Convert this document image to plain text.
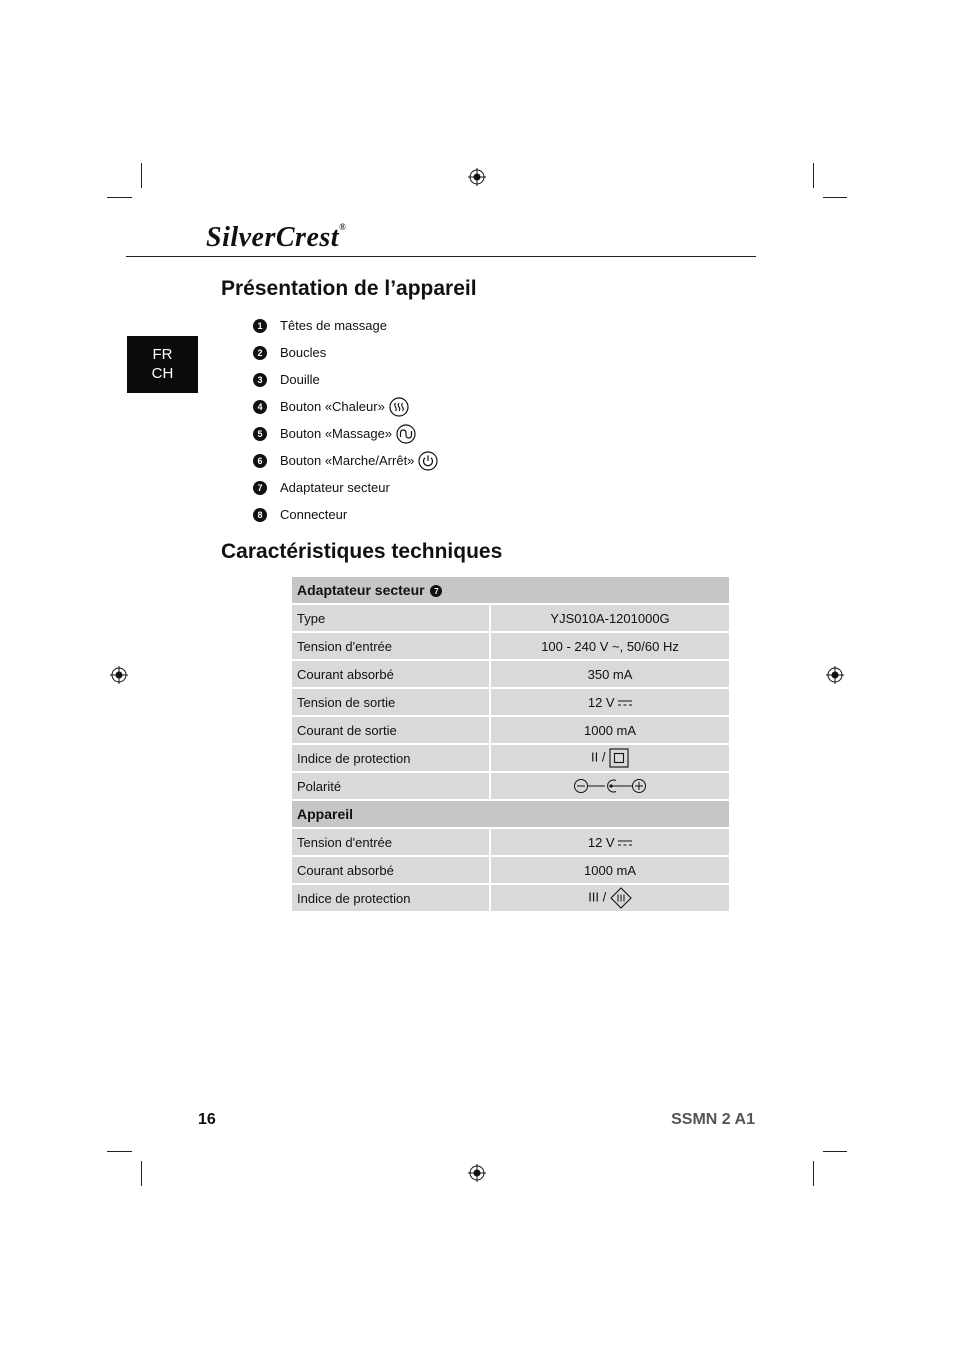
SilverCrest®
FR
CH
Présentation de l’appareil
1	Têtes de massage
2	Boucles
3	Douille
4	Bouton «Chaleur»
5	Bouton «Massage»
6	Bouton «Marche/Arrêt»
7	Adaptateur secteur
8	Connecteur
Caractéristiques techniques
Adaptateur secteur 7	
Type	YJS010A-1201000G
Tension d'entrée	100 - 240 V ~, 50/60 Hz
Courant absorbé	350 mA
Tension de sortie	12 V
Courant de sortie	1000 mA
Indice de protection	II /
Polarité	
Appareil	
Tension d'entrée	12 V
Courant absorbé	1000 mA
Indice de protection	III /
16	SSMN 2 A1
